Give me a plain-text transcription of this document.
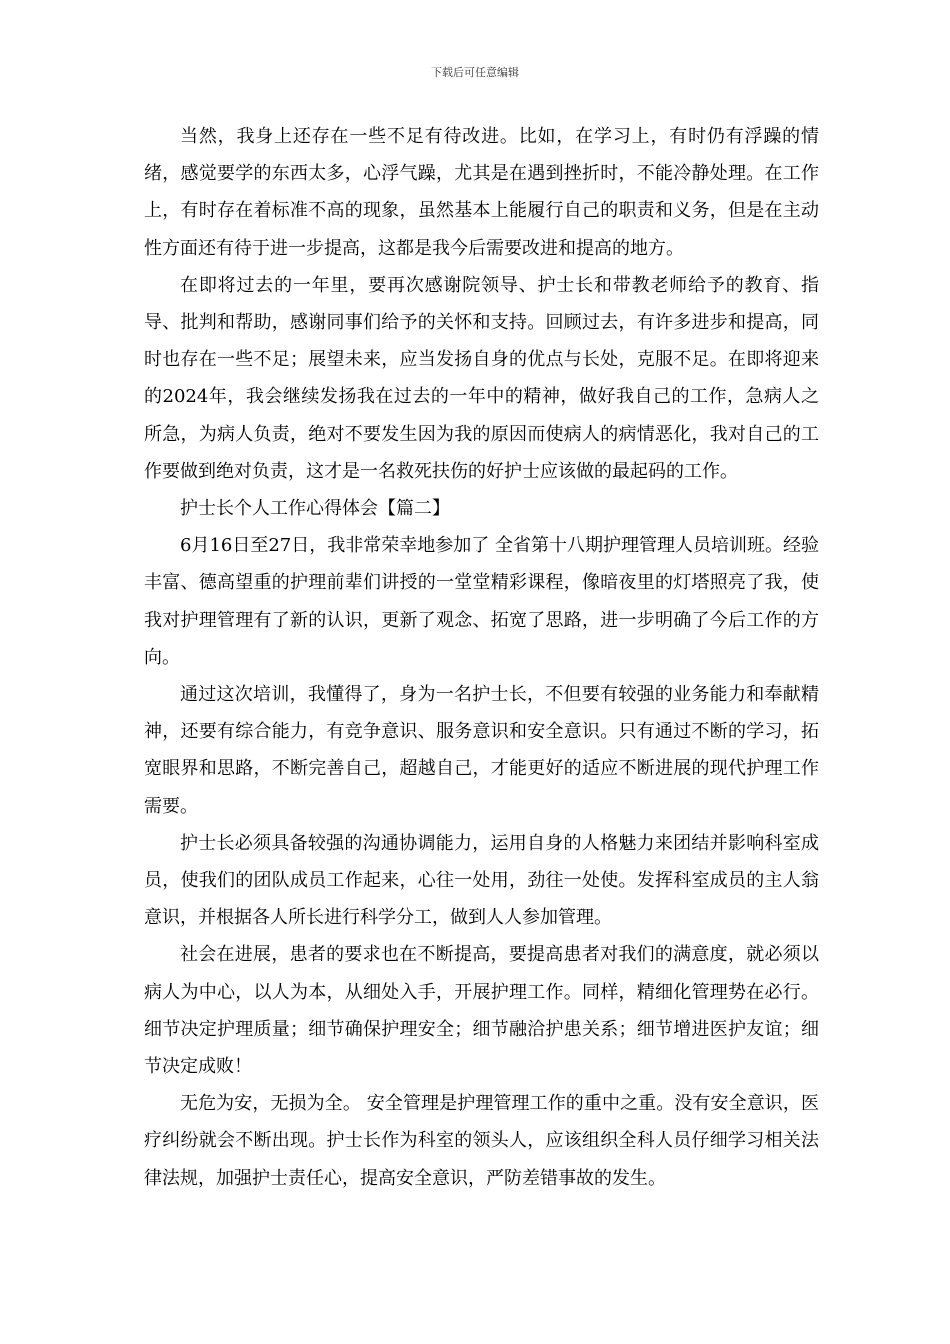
下载后可任意编辑

当然，我身上还存在一些不足有待改进。比如，在学习上，有时仍有浮躁的情绪，感觉要学的东西太多，心浮气躁，尤其是在遇到挫折时，不能冷静处理。在工作上，有时存在着标准不高的现象，虽然基本上能履行自己的职责和义务，但是在主动性方面还有待于进一步提高，这都是我今后需要改进和提高的地方。

在即将过去的一年里，要再次感谢院领导、护士长和带教老师给予的教育、指导、批判和帮助，感谢同事们给予的关怀和支持。回顾过去，有许多进步和提高，同时也存在一些不足；展望未来，应当发扬自身的优点与长处，克服不足。在即将迎来的2024年，我会继续发扬我在过去的一年中的精神，做好我自己的工作，急病人之所急，为病人负责，绝对不要发生因为我的原因而使病人的病情恶化，我对自己的工作要做到绝对负责，这才是一名救死扶伤的好护士应该做的最起码的工作。

护士长个人工作心得体会【篇二】

6月16日至27日，我非常荣幸地参加了 全省第十八期护理管理人员培训班。经验丰富、德高望重的护理前辈们讲授的一堂堂精彩课程，像暗夜里的灯塔照亮了我，使我对护理管理有了新的认识，更新了观念、拓宽了思路，进一步明确了今后工作的方向。

通过这次培训，我懂得了，身为一名护士长，不但要有较强的业务能力和奉献精神，还要有综合能力，有竞争意识、服务意识和安全意识。只有通过不断的学习，拓宽眼界和思路，不断完善自己，超越自己，才能更好的适应不断进展的现代护理工作需要。

护士长必须具备较强的沟通协调能力，运用自身的人格魅力来团结并影响科室成员，使我们的团队成员工作起来，心往一处用，劲往一处使。发挥科室成员的主人翁意识，并根据各人所长进行科学分工，做到人人参加管理。

社会在进展，患者的要求也在不断提高，要提高患者对我们的满意度，就必须以病人为中心，以人为本，从细处入手，开展护理工作。同样，精细化管理势在必行。细节决定护理质量；细节确保护理安全；细节融洽护患关系；细节增进医护友谊；细节决定成败！

无危为安，无损为全。 安全管理是护理管理工作的重中之重。没有安全意识，医疗纠纷就会不断出现。护士长作为科室的领头人，应该组织全科人员仔细学习相关法律法规，加强护士责任心，提高安全意识，严防差错事故的发生。
